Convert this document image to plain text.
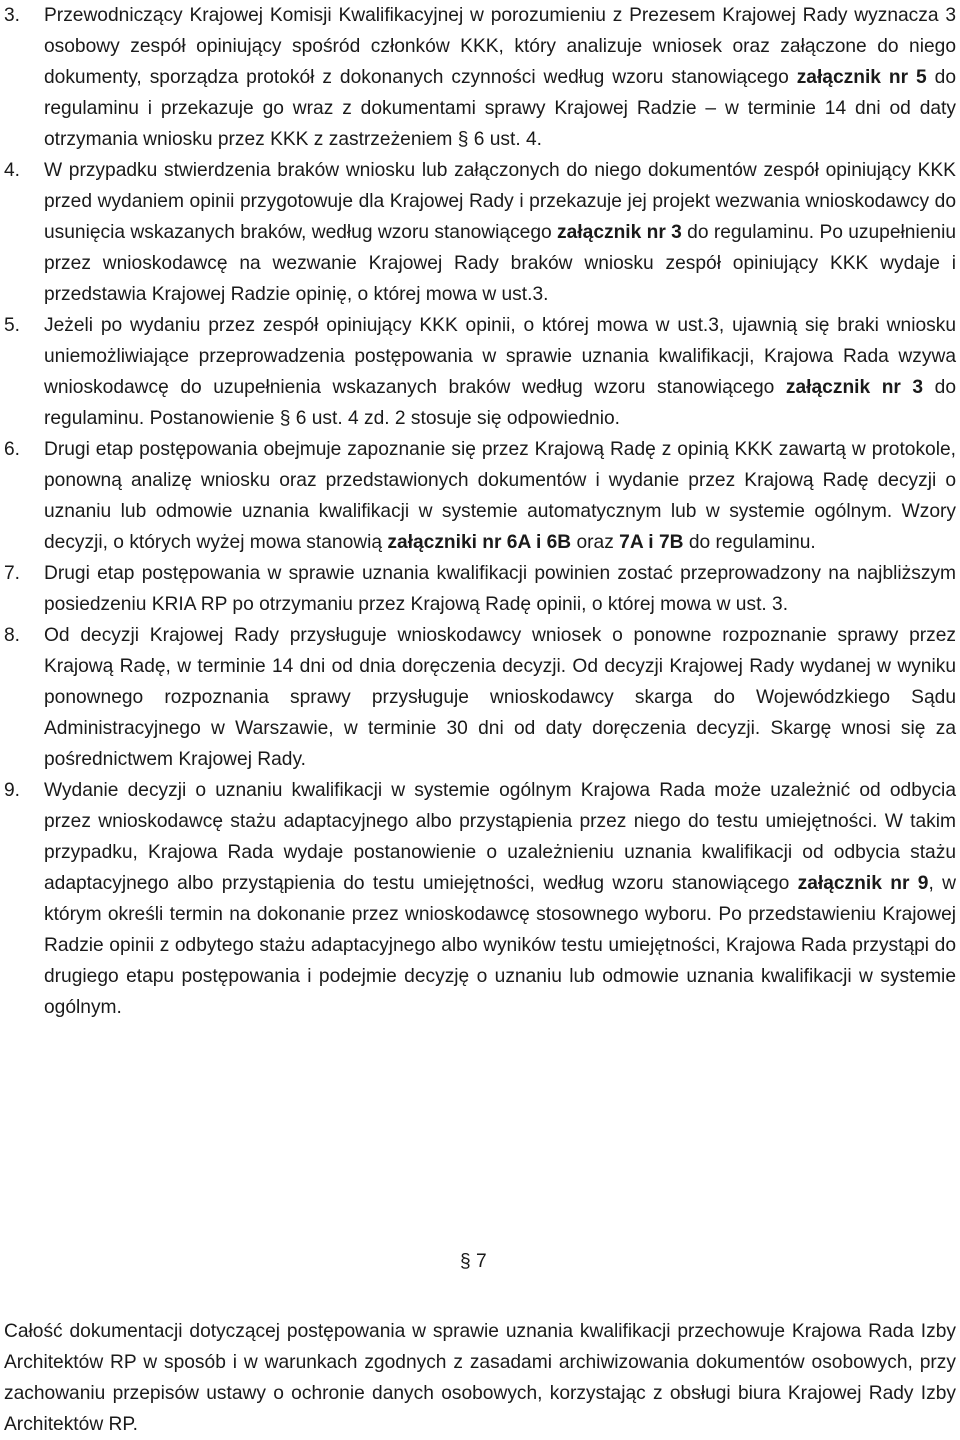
3. Przewodniczący Krajowej Komisji Kwalifikacyjnej w porozumieniu z Prezesem Krajowej Rady wyznacza 3 osobowy zespół opiniujący spośród członków KKK, który analizuje wniosek oraz załączone do niego dokumenty, sporządza protokół z dokonanych czynności według wzoru stanowiącego załącznik nr 5 do regulaminu i przekazuje go wraz z dokumentami sprawy Krajowej Radzie – w terminie 14 dni od daty otrzymania wniosku przez KKK z zastrzeżeniem § 6 ust. 4.

4. W przypadku stwierdzenia braków wniosku lub załączonych do niego dokumentów zespół opiniujący KKK przed wydaniem opinii przygotowuje dla Krajowej Rady i przekazuje jej projekt wezwania wnioskodawcy do usunięcia wskazanych braków, według wzoru stanowiącego załącznik nr 3 do regulaminu. Po uzupełnieniu przez wnioskodawcę na wezwanie Krajowej Rady braków wniosku zespół opiniujący KKK wydaje i przedstawia Krajowej Radzie opinię, o której mowa w ust.3.

5. Jeżeli po wydaniu przez zespół opiniujący KKK opinii, o której mowa w ust.3, ujawnią się braki wniosku uniemożliwiające przeprowadzenia postępowania w sprawie uznania kwalifikacji, Krajowa Rada wzywa wnioskodawcę do uzupełnienia wskazanych braków według wzoru stanowiącego załącznik nr 3 do regulaminu. Postanowienie § 6 ust. 4 zd. 2 stosuje się odpowiednio.

6. Drugi etap postępowania obejmuje zapoznanie się przez Krajową Radę z opinią KKK zawartą w protokole, ponowną analizę wniosku oraz przedstawionych dokumentów i wydanie przez Krajową Radę decyzji o uznaniu lub odmowie uznania kwalifikacji w systemie automatycznym lub w systemie ogólnym. Wzory decyzji, o których wyżej mowa stanowią załączniki nr 6A i 6B oraz 7A i 7B do regulaminu.

7. Drugi etap postępowania w sprawie uznania kwalifikacji powinien zostać przeprowadzony na najbliższym posiedzeniu KRIA RP po otrzymaniu przez Krajową Radę opinii, o której mowa w ust. 3.

8. Od decyzji Krajowej Rady przysługuje wnioskodawcy wniosek o ponowne rozpoznanie sprawy przez Krajową Radę, w terminie 14 dni od dnia doręczenia decyzji. Od decyzji Krajowej Rady wydanej w wyniku ponownego rozpoznania sprawy przysługuje wnioskodawcy skarga do Wojewódzkiego Sądu Administracyjnego w Warszawie, w terminie 30 dni od daty doręczenia decyzji. Skargę wnosi się za pośrednictwem Krajowej Rady.

9. Wydanie decyzji o uznaniu kwalifikacji w systemie ogólnym Krajowa Rada może uzależnić od odbycia przez wnioskodawcę stażu adaptacyjnego albo przystąpienia przez niego do testu umiejętności. W takim przypadku, Krajowa Rada wydaje postanowienie o uzależnieniu uznania kwalifikacji od odbycia stażu adaptacyjnego albo przystąpienia do testu umiejętności, według wzoru stanowiącego załącznik nr 9, w którym określi termin na dokonanie przez wnioskodawcę stosownego wyboru. Po przedstawieniu Krajowej Radzie opinii z odbytego stażu adaptacyjnego albo wyników testu umiejętności, Krajowa Rada przystąpi do drugiego etapu postępowania i podejmie decyzję o uznaniu lub odmowie uznania kwalifikacji w systemie ogólnym.

§ 7

Całość dokumentacji dotyczącej postępowania w sprawie uznania kwalifikacji przechowuje Krajowa Rada Izby Architektów RP w sposób i w warunkach zgodnych z zasadami archiwizowania dokumentów osobowych, przy zachowaniu przepisów ustawy o ochronie danych osobowych, korzystając z obsługi biura Krajowej Rady Izby Architektów RP.
